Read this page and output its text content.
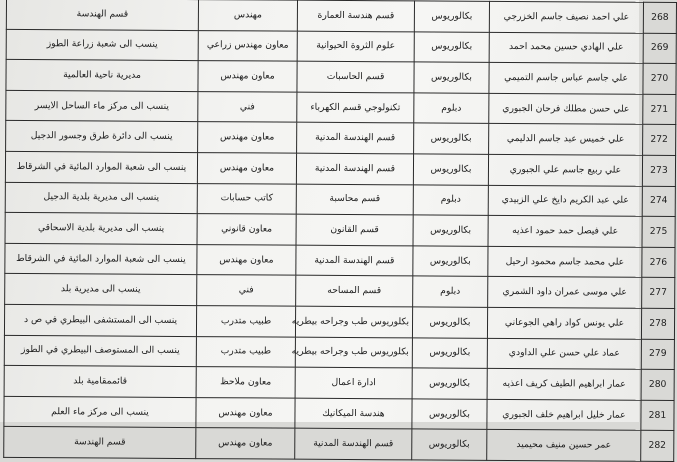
268	علي احمد نصيف جاسم الخزرجي	بكالوريوس	قسم هندسة العمارة	مهندس	قسم الهندسة
269	علي الهادي حسين محمد احمد	بكالوريوس	علوم الثروة الحيوانية	معاون مهندس زراعي	ينسب الى شعبة زراعة الطوز
270	علي جاسم عباس جاسم التميمي	بكالوريوس	قسم الحاسبات	معاون مهندس	مديرية ناحية العالمية
271	علي حسن مطلك فرحان الجبوري	دبلوم	تكنولوجي قسم الكهرباء	فني	ينسب الى مركز ماء الساحل الايسر
272	علي خميس عبد جاسم الدليمي	بكالوريوس	قسم الهندسة المدنية	معاون مهندس	ينسب الى دائرة طرق وجسور الدجيل
273	علي ربيع جاسم علي الجبوري	بكالوريوس	قسم الهندسة المدنية	معاون مهندس	ينسب الى شعبة الموارد المائية في الشرقاط
274	علي عبد الكريم دايخ علي الزبيدي	دبلوم	قسم محاسبة	كاتب حسابات	ينسب الى مديرية بلدية الدجيل
275	علي فيصل حمد حمود اعذيه	بكالوريوس	قسم القانون	معاون قانوني	ينسب الى مديرية بلدية الاسحاقي
276	علي محمد جاسم محمود ارحيل	بكالوريوس	قسم الهندسة المدنية	معاون مهندس	ينسب الى شعبة الموارد المائية في الشرقاط
277	علي موسى عمران داود الشمري	دبلوم	قسم المساحه	فني	ينسب الى مديرية بلد
278	علي يونس كواد راهي الجوعاني	بكالوريوس	بكلوريوس طب وجراحه بيطريه	طبيب متدرب	ينسب الى المستشفى البيطري في ص د
279	عماد علي حسن علي الداودي	بكالوريوس	بكلوريوس طب وجراحه بيطريه	طبيب متدرب	ينسب الى المستوصف البيطري في الطوز
280	عمار ابراهيم الطيف كريف اعذيه	بكالوريوس	ادارة اعمال	معاون ملاحظ	قائممقامية بلد
281	عمار خليل ابراهيم خلف الجبوري	بكالوريوس	هندسة الميكانيك	معاون مهندس	ينسب الى مركز ماء العلم
282	عمر حسين منيف محيميد	بكالوريوس	قسم الهندسة المدنية	معاون مهندس	قسم الهندسة
